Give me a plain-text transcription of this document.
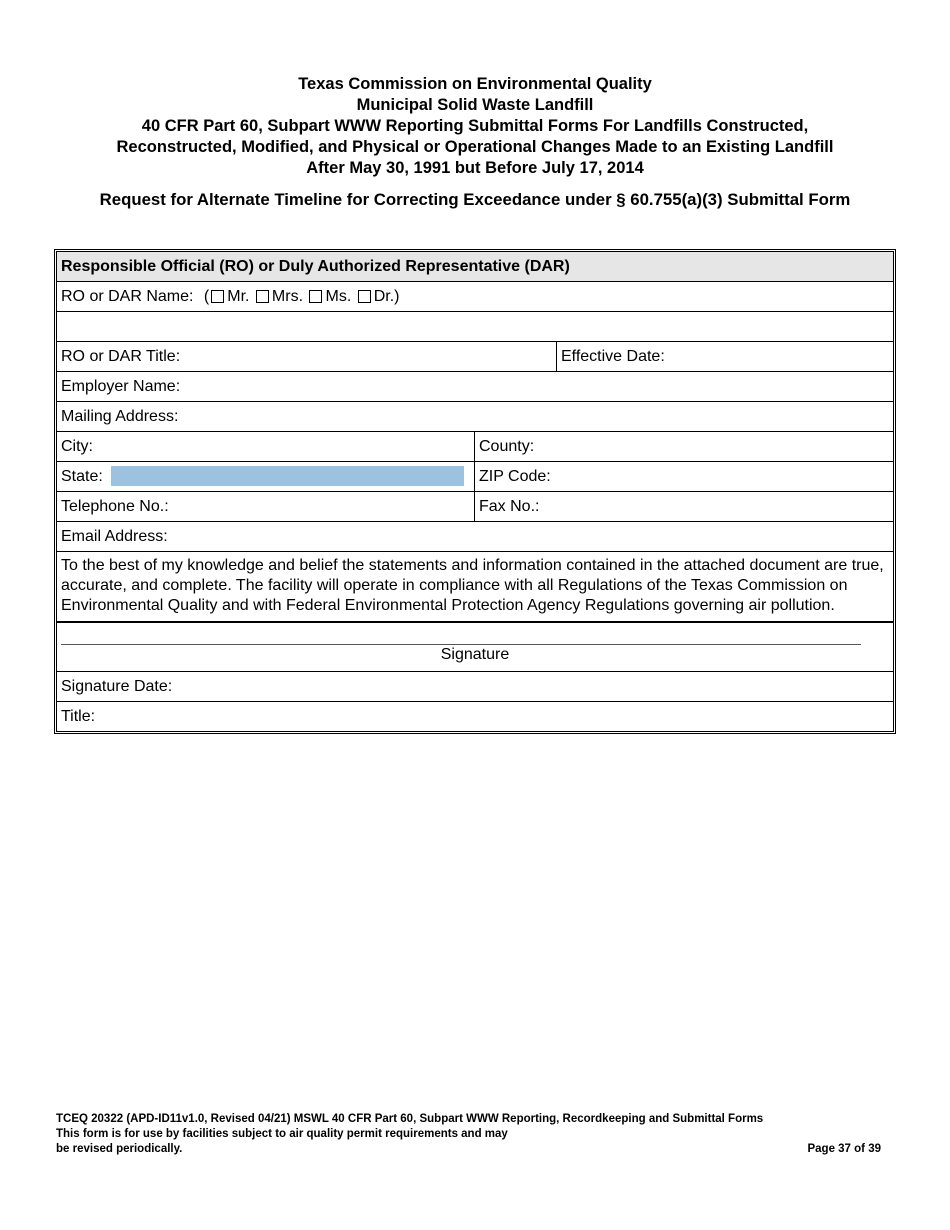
Texas Commission on Environmental Quality
Municipal Solid Waste Landfill
40 CFR Part 60, Subpart WWW Reporting Submittal Forms For Landfills Constructed,
Reconstructed, Modified, and Physical or Operational Changes Made to an Existing Landfill
After May 30, 1991 but Before July 17, 2014
Request for Alternate Timeline for Correcting Exceedance under § 60.755(a)(3) Submittal Form
Responsible Official (RO) or Duly Authorized Representative (DAR)
RO or DAR Name: ( Mr. Mrs. Ms. Dr.)
RO or DAR Title:	Effective Date:
Employer Name:
Mailing Address:
City:	County:
State:	ZIP Code:
Telephone No.:	Fax No.:
Email Address:
To the best of my knowledge and belief the statements and information contained in the attached document are true, accurate, and complete. The facility will operate in compliance with all Regulations of the Texas Commission on Environmental Quality and with Federal Environmental Protection Agency Regulations governing air pollution.
Signature
Signature Date:
Title:
TCEQ 20322 (APD-ID11v1.0, Revised 04/21) MSWL 40 CFR Part 60, Subpart WWW Reporting, Recordkeeping and Submittal Forms
This form is for use by facilities subject to air quality permit requirements and may
be revised periodically.	Page 37 of 39
